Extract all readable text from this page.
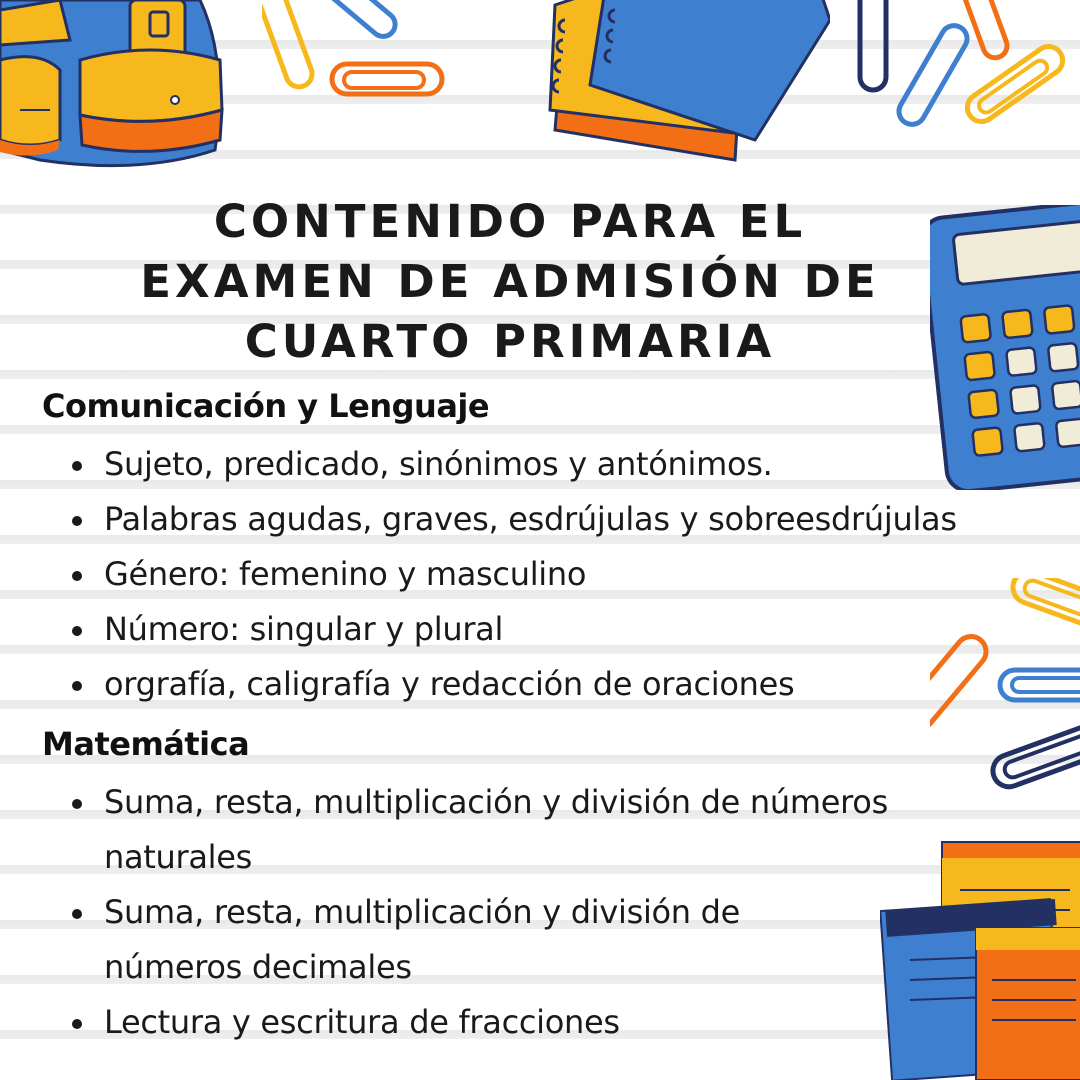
CONTENIDO PARA EL
EXAMEN DE ADMISIÓN DE
CUARTO PRIMARIA
Comunicación y Lenguaje
Sujeto, predicado, sinónimos y antónimos.
Palabras agudas, graves, esdrújulas y sobreesdrújulas
Género: femenino y masculino
Número: singular y plural
orgrafía, caligrafía y redacción de oraciones
Matemática
Suma, resta, multiplicación y división de números naturales
Suma, resta, multiplicación y división de números decimales
Lectura y escritura de fracciones
